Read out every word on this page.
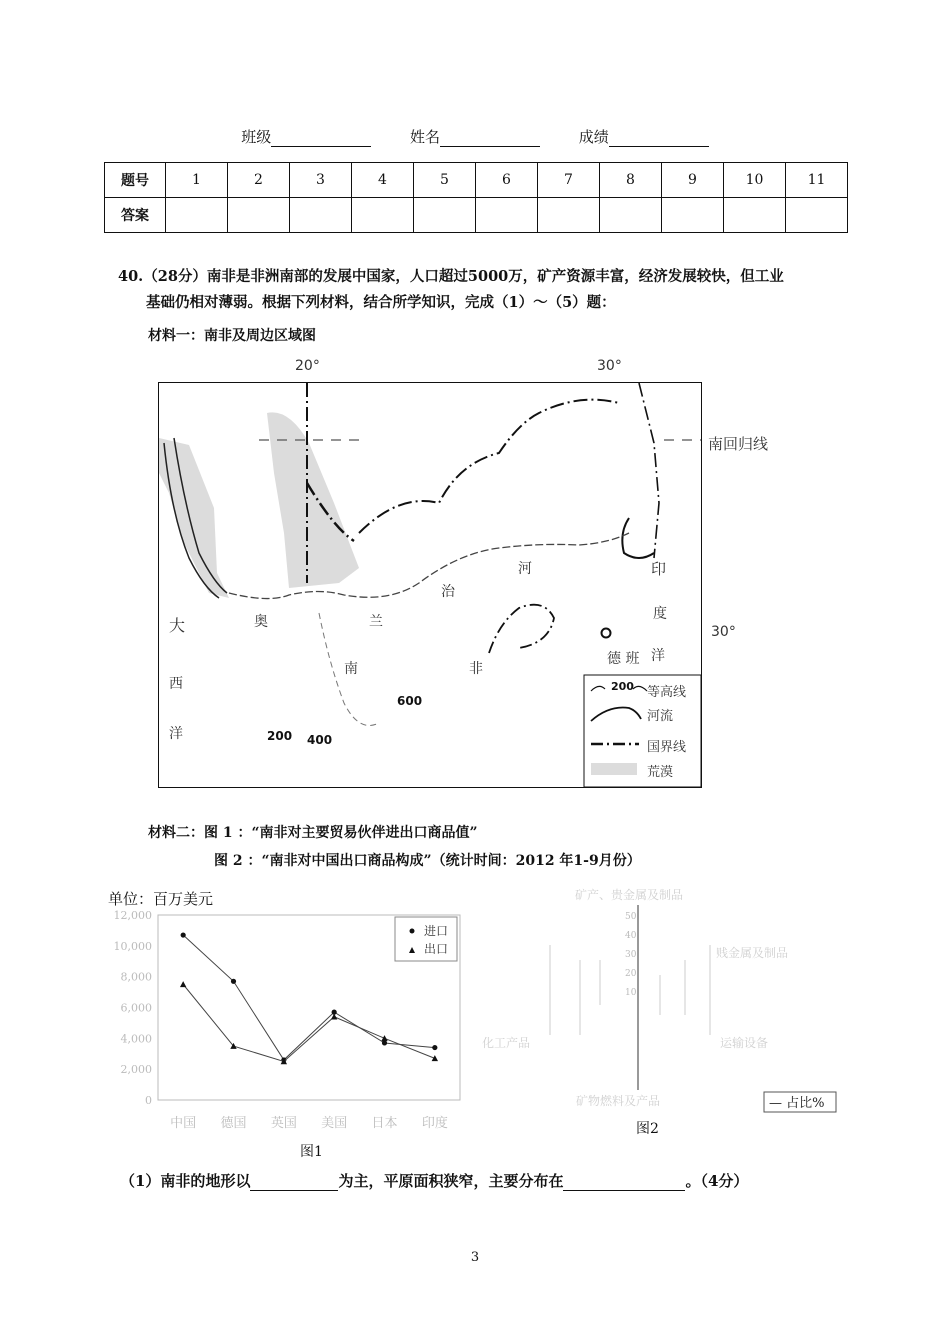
班级	姓名	成绩
题号	1	2	3	4	5	6	7	8	9	10	11
答案											
40.（28分）南非是非洲南部的发展中国家，人口超过5000万，矿产资源丰富，经济发展较快，但工业
基础仍相对薄弱。根据下列材料，结合所学知识，完成（1）～（5）题：
材料一：南非及周边区域图
20°	30°
南回归线
30°
河	印
度
洋
大
西
洋
奥	兰
治
南	非
德 班
600
200 400
200 等高线
河流
国界线
荒漠
材料二：图 1 ：“南非对主要贸易伙伴进出口商品值”
图 2 ：“南非对中国出口商品构成”（统计时间：2012 年1-9月份）
单位：百万美元
0
2,000
4,000
6,000
8,000
10,000
12,000
中国 德国 英国 美国 日本 印度
进口
出口
图1
50
40
30
20
10
矿产、贵金属及制品
贱金属及制品
运输设备
矿物燃料及产品
化工产品
— 占比%
图2
（1）南非的地形以	为主，平原面积狭窄，主要分布在	。（4分）
3
